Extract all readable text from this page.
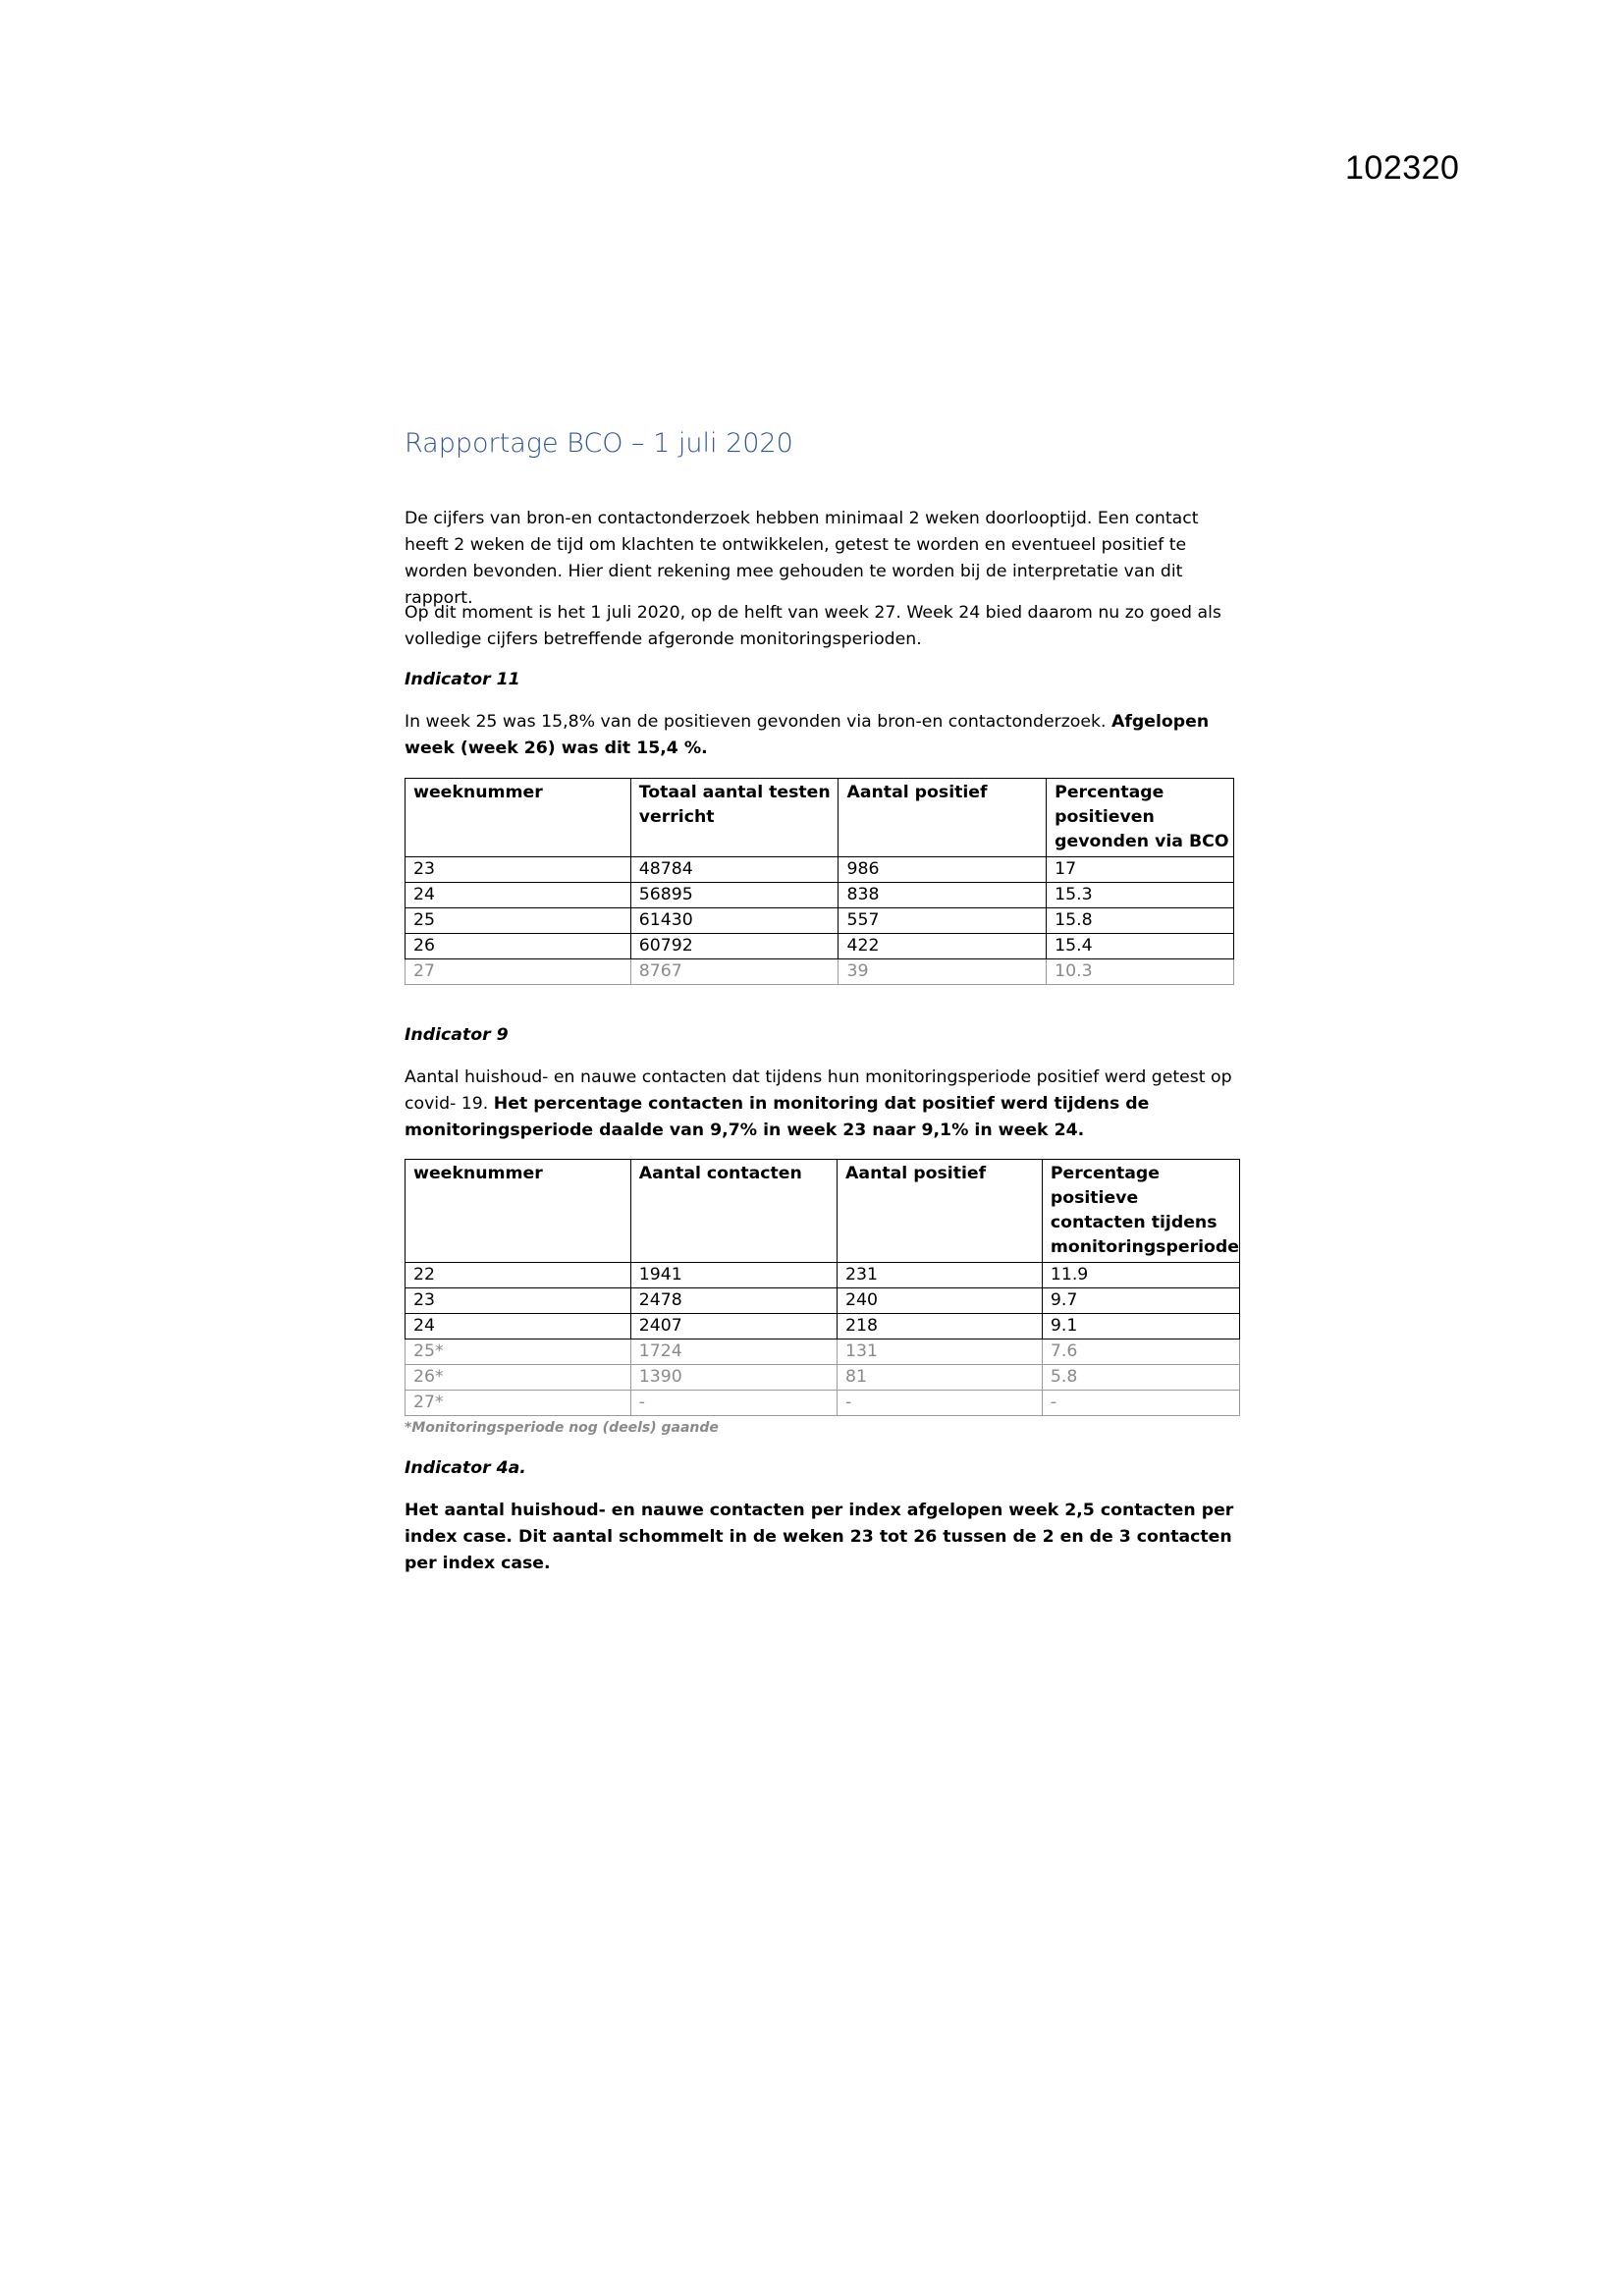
102320
Rapportage BCO – 1 juli 2020
De cijfers van bron-en contactonderzoek hebben minimaal 2 weken doorlooptijd. Een contact heeft 2 weken de tijd om klachten te ontwikkelen, getest te worden en eventueel positief te worden bevonden. Hier dient rekening mee gehouden te worden bij de interpretatie van dit rapport.
Op dit moment is het 1 juli 2020, op de helft van week 27. Week 24 bied daarom nu zo goed als volledige cijfers betreffende afgeronde monitoringsperioden.
Indicator 11
In week 25 was 15,8% van de positieven gevonden via bron-en contactonderzoek. Afgelopen week (week 26) was dit 15,4 %.
weeknummer	Totaal aantal testen verricht	Aantal positief	Percentage positieven gevonden via BCO
23	48784	986	17
24	56895	838	15.3
25	61430	557	15.8
26	60792	422	15.4
27	8767	39	10.3
Indicator 9
Aantal huishoud- en nauwe contacten dat tijdens hun monitoringsperiode positief werd getest op covid- 19. Het percentage contacten in monitoring dat positief werd tijdens de monitoringsperiode daalde van 9,7% in week 23 naar 9,1% in week 24.
weeknummer	Aantal contacten	Aantal positief	Percentage positieve contacten tijdens monitoringsperiode
22	1941	231	11.9
23	2478	240	9.7
24	2407	218	9.1
25*	1724	131	7.6
26*	1390	81	5.8
27*	-	-	-
*Monitoringsperiode nog (deels) gaande
Indicator 4a.
Het aantal huishoud- en nauwe contacten per index afgelopen week 2,5 contacten per index case. Dit aantal schommelt in de weken 23 tot 26 tussen de 2 en de 3 contacten per index case.
